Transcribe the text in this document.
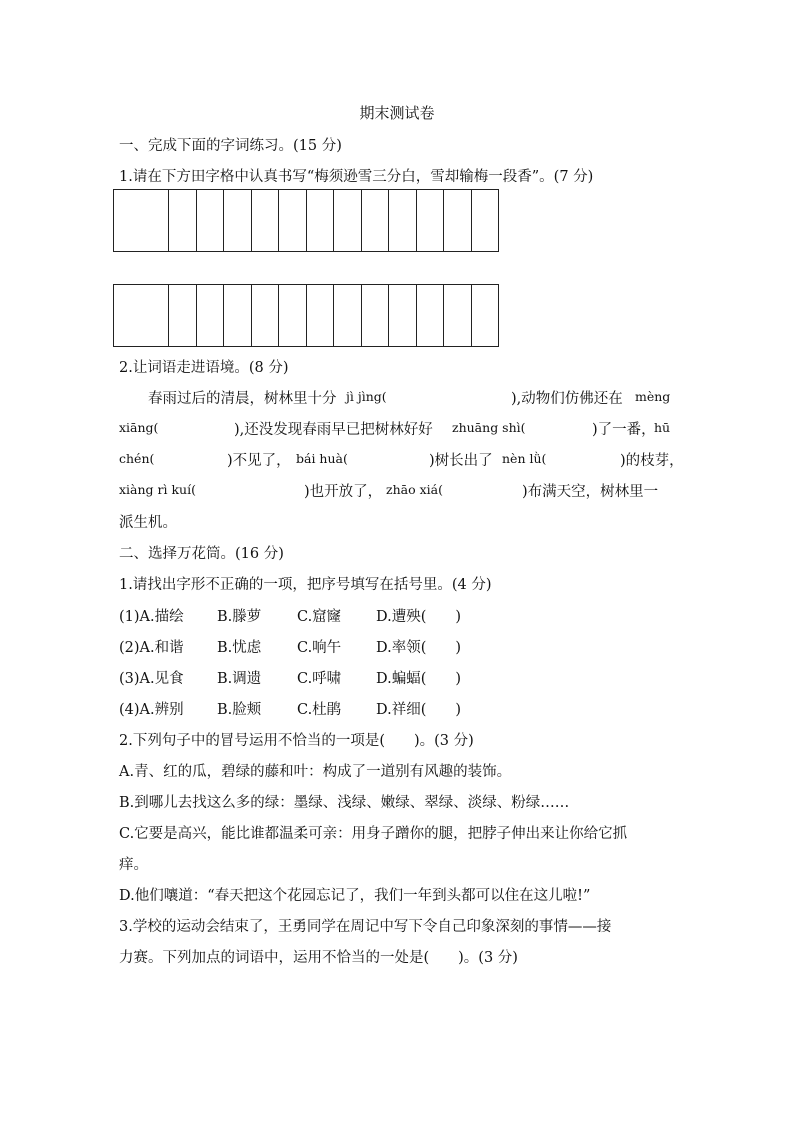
期末测试卷
一、完成下面的字词练习。(15 分)
1.请在下方田字格中认真书写“梅须逊雪三分白，雪却输梅一段香”。(7 分)
2.让词语走进语境。(8 分)
春雨过后的清晨，树林里十分 jì jìng(	),动物们仿佛还在 mèng
xiāng(	),还没发现春雨早已把树林好好 zhuāng shì(	)了一番，
hū
chén(	)不见了， bái huà(	)树长出了 nèn lǜ(	)的枝芽，
xiàng rì kuí(	)也开放了， zhāo xiá(	)布满天空，树林里一
派生机。
二、选择万花筒。(16 分)
1.请找出字形不正确的一项，把序号填写在括号里。(4 分)
(1)A.描绘 B.滕萝 C.窟窿 D.遭殃(　　)
(2)A.和谐 B.忧虑 C.响午 D.率领(　　)
(3)A.见食 B.调遗 C.呼啸 D.蝙蝠(　　)
(4)A.辨别 B.脸颊 C.杜鹃 D.祥细(　　)
2.下列句子中的冒号运用不恰当的一项是(　　)。(3 分)
A.青、红的瓜，碧绿的藤和叶：构成了一道别有风趣的装饰。
B.到哪儿去找这么多的绿：墨绿、浅绿、嫩绿、翠绿、淡绿、粉绿……
C.它要是高兴，能比谁都温柔可亲：用身子蹭你的腿，把脖子伸出来让你给它抓
痒。
D.他们嚷道：“春天把这个花园忘记了，我们一年到头都可以住在这儿啦!”
3.学校的运动会结束了，王勇同学在周记中写下令自己印象深刻的事情——接
力赛。下列加点的词语中，运用不恰当的一处是(　　)。(3 分)
